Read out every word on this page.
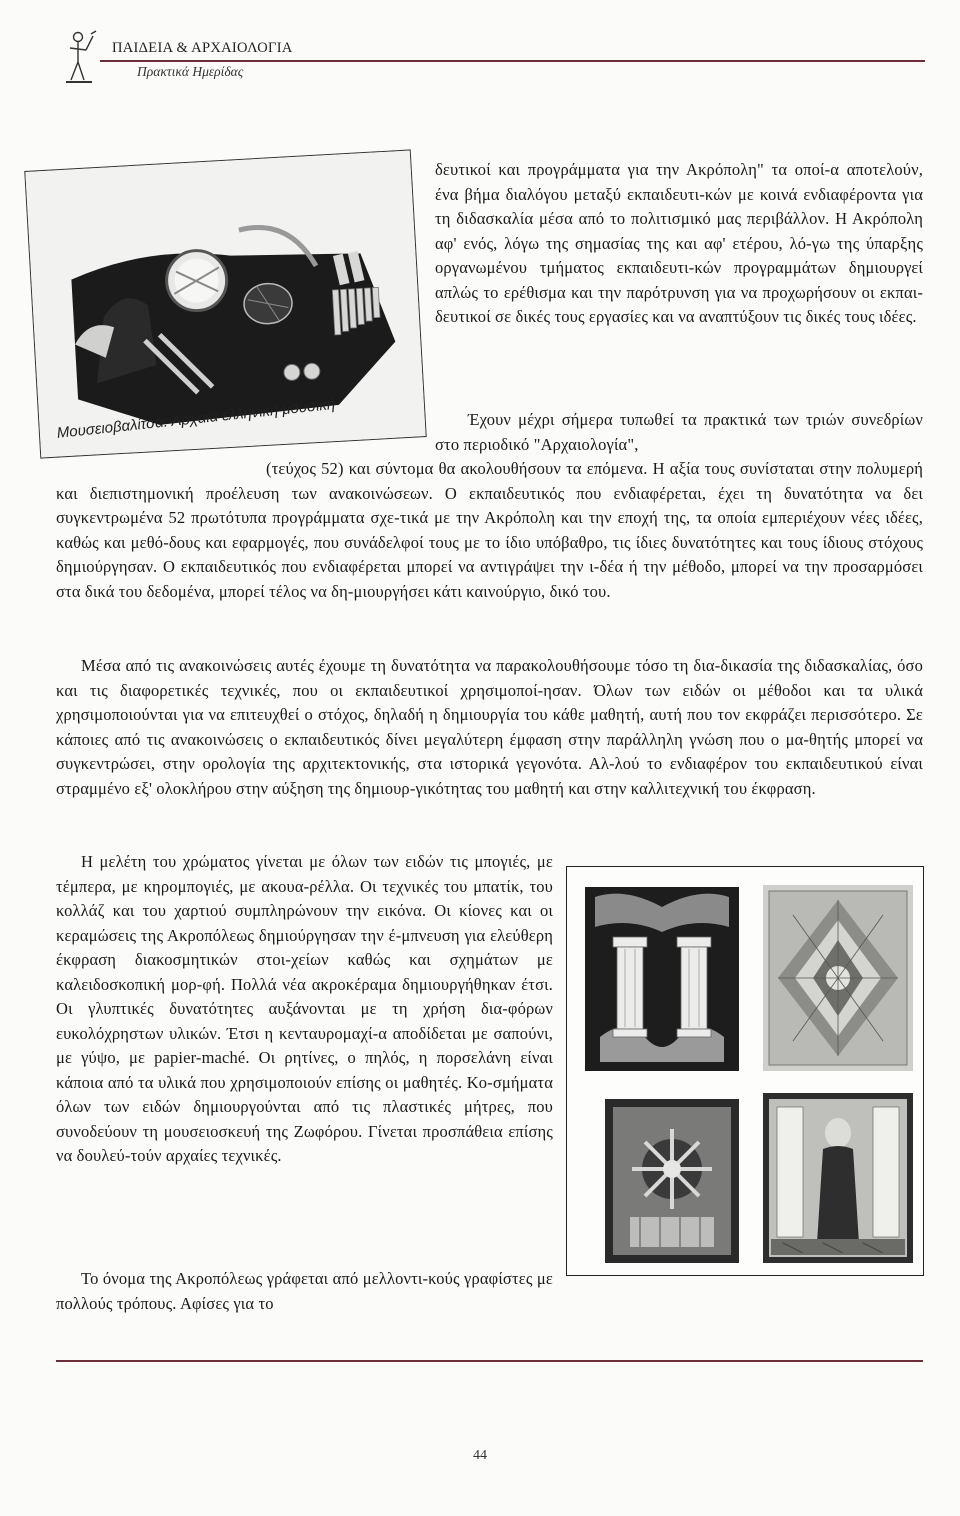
ΠΑΙΔΕΙΑ & ΑΡΧΑΙΟΛΟΓΙΑ
Πρακτικά Ημερίδας
Μουσειοβαλίτσα: Αρχαία ελληνική μουσική

δευτικοί και προγράμματα για την Ακρόπολη" τα οποί-α αποτελούν, ένα βήμα διαλόγου μεταξύ εκπαιδευτι-κών με κοινά ενδιαφέροντα για τη διδασκαλία μέσα από το πολιτισμικό μας περιβάλλον. Η Ακρόπολη αφ' ενός, λόγω της σημασίας της και αφ' ετέρου, λό-γω της ύπαρξης οργανωμένου τμήματος εκπαιδευτι-κών προγραμμάτων δημιουργεί απλώς το ερέθισμα και την παρότρυνση για να προχωρήσουν οι εκπαι-δευτικοί σε δικές τους εργασίες και να αναπτύξουν τις δικές τους ιδέες.

Έχουν μέχρι σήμερα τυπωθεί τα πρακτικά των τριών συνεδρίων στο περιοδικό "Αρχαιολογία",

(τεύχος 52) και σύντομα θα ακολουθήσουν τα επόμενα. Η αξία τους συνίσταται στην πολυμερή και διεπιστημονική προέλευση των ανακοινώσεων. Ο εκπαιδευτικός που ενδιαφέρεται, έχει τη δυνατότητα να δει συγκεντρωμένα 52 πρωτότυπα προγράμματα σχε-τικά με την Ακρόπολη και την εποχή της, τα οποία εμπεριέχουν νέες ιδέες, καθώς και μεθό-δους και εφαρμογές, που συνάδελφοί τους με το ίδιο υπόβαθρο, τις ίδιες δυνατότητες και τους ίδιους στόχους δημιούργησαν. Ο εκπαιδευτικός που ενδιαφέρεται μπορεί να αντιγράψει την ι-δέα ή την μέθοδο, μπορεί να την προσαρμόσει στα δικά του δεδομένα, μπορεί τέλος να δη-μιουργήσει κάτι καινούργιο, δικό του.

Μέσα από τις ανακοινώσεις αυτές έχουμε τη δυνατότητα να παρακολουθήσουμε τόσο τη δια-δικασία της διδασκαλίας, όσο και τις διαφορετικές τεχνικές, που οι εκπαιδευτικοί χρησιμοποί-ησαν. Όλων των ειδών οι μέθοδοι και τα υλικά χρησιμοποιούνται για να επιτευχθεί ο στόχος, δηλαδή η δημιουργία του κάθε μαθητή, αυτή που τον εκφράζει περισσότερο. Σε κάποιες από τις ανακοινώσεις ο εκπαιδευτικός δίνει μεγαλύτερη έμφαση στην παράλληλη γνώση που ο μα-θητής μπορεί να συγκεντρώσει, στην ορολογία της αρχιτεκτονικής, στα ιστορικά γεγονότα. Αλ-λού το ενδιαφέρον του εκπαιδευτικού είναι στραμμένο εξ' ολοκλήρου στην αύξηση της δημιουρ-γικότητας του μαθητή και στην καλλιτεχνική του έκφραση.

Η μελέτη του χρώματος γίνεται με όλων των ειδών τις μπογιές, με τέμπερα, με κηρομπογιές, με ακουα-ρέλλα. Οι τεχνικές του μπατίκ, του κολλάζ και του χαρτιού συμπληρώνουν την εικόνα. Οι κίονες και οι κεραμώσεις της Ακροπόλεως δημιούργησαν την έ-μπνευση για ελεύθερη έκφραση διακοσμητικών στοι-χείων καθώς και σχημάτων με καλειδοσκοπική μορ-φή. Πολλά νέα ακροκέραμα δημιουργήθηκαν έτσι. Οι γλυπτικές δυνατότητες αυξάνονται με τη χρήση δια-φόρων ευκολόχρηστων υλικών. Έτσι η κενταυρομαχί-α αποδίδεται με σαπούνι, με γύψο, με papier-maché. Οι ρητίνες, ο πηλός, η πορσελάνη είναι κάποια από τα υλικά που χρησιμοποιούν επίσης οι μαθητές. Κο-σμήματα όλων των ειδών δημιουργούνται από τις πλαστικές μήτρες, που συνοδεύουν τη μουσειοσκευή της Ζωφόρου. Γίνεται προσπάθεια επίσης να δουλεύ-τούν αρχαίες τεχνικές.

Το όνομα της Ακροπόλεως γράφεται από μελλοντι-κούς γραφίστες με πολλούς τρόπους. Αφίσες για το

44
